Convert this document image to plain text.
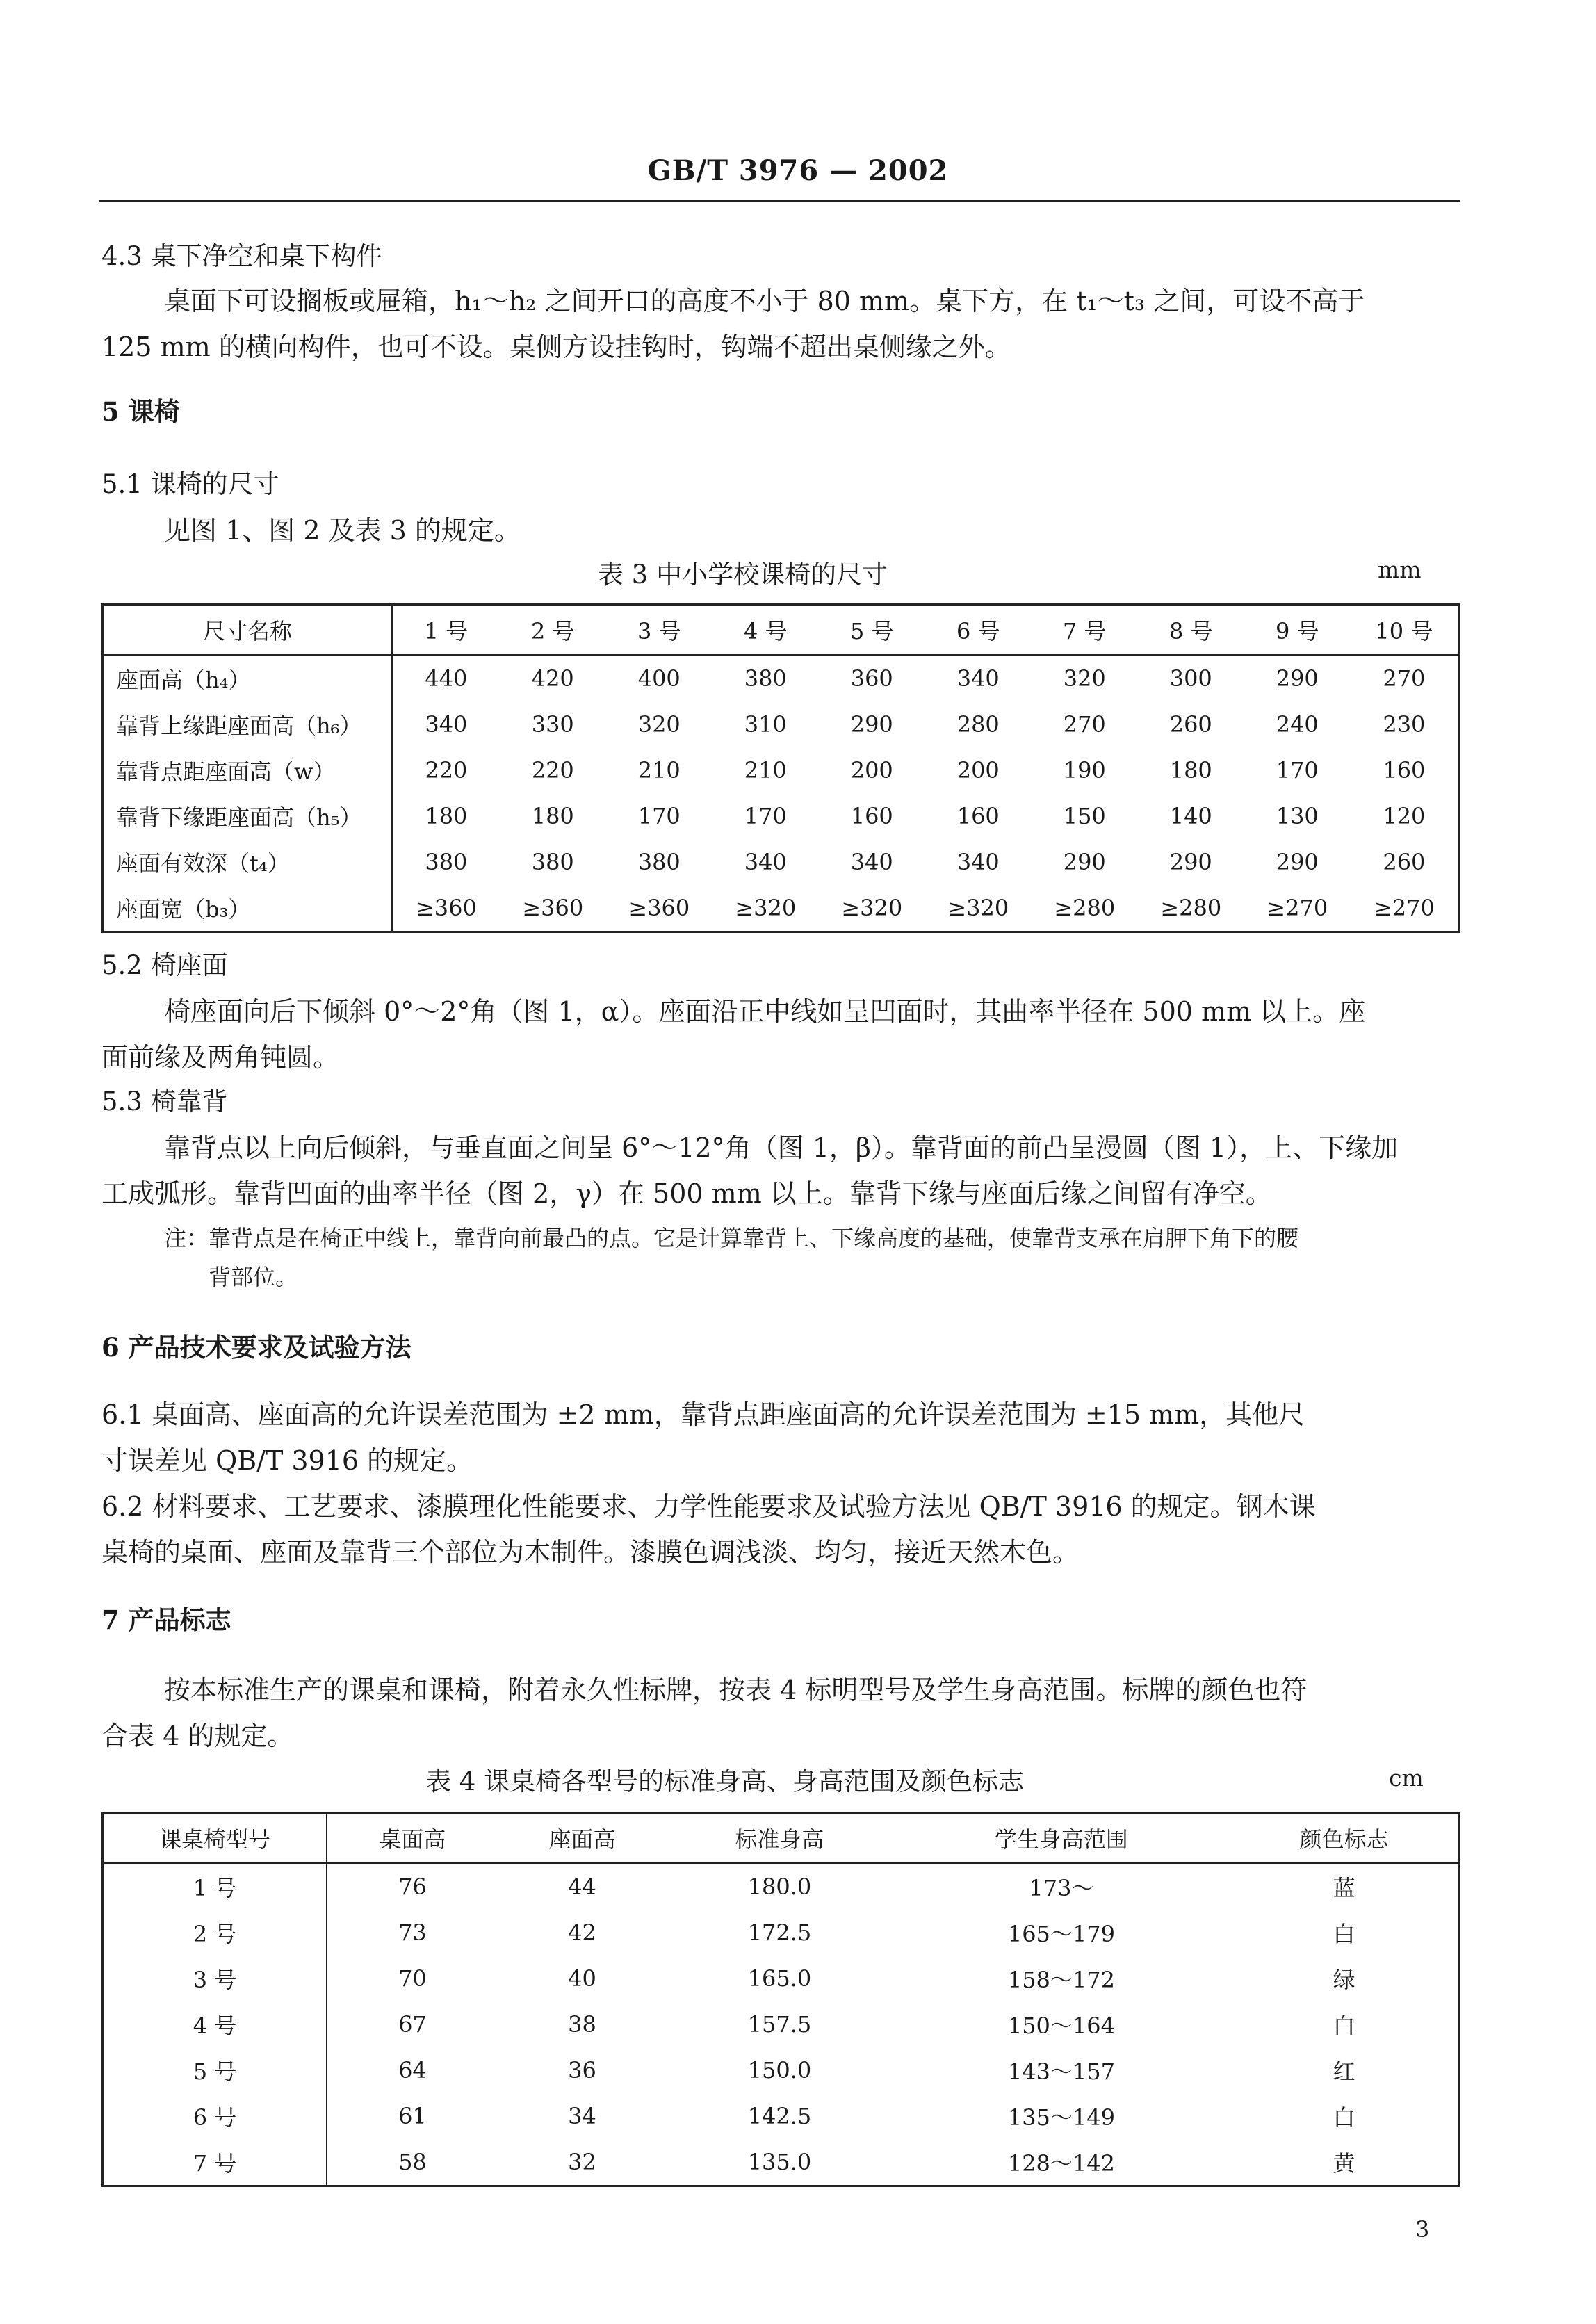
GB/T 3976 — 2002
4.3 桌下净空和桌下构件
桌面下可设搁板或屉箱，h₁～h₂ 之间开口的高度不小于 80 mm。桌下方，在 t₁～t₃ 之间，可设不高于
125 mm 的横向构件，也可不设。桌侧方设挂钩时，钩端不超出桌侧缘之外。
5 课椅
5.1 课椅的尺寸
见图 1、图 2 及表 3 的规定。
表 3 中小学校课椅的尺寸	mm
尺寸名称	1 号	2 号	3 号	4 号	5 号	6 号	7 号	8 号	9 号	10 号
座面高（h₄）	440	420	400	380	360	340	320	300	290	270
靠背上缘距座面高（h₆）	340	330	320	310	290	280	270	260	240	230
靠背点距座面高（w）	220	220	210	210	200	200	190	180	170	160
靠背下缘距座面高（h₅）	180	180	170	170	160	160	150	140	130	120
座面有效深（t₄）	380	380	380	340	340	340	290	290	290	260
座面宽（b₃）	≥360	≥360	≥360	≥320	≥320	≥320	≥280	≥280	≥270	≥270
5.2 椅座面
椅座面向后下倾斜 0°～2°角（图 1，α）。座面沿正中线如呈凹面时，其曲率半径在 500 mm 以上。座
面前缘及两角钝圆。
5.3 椅靠背
靠背点以上向后倾斜，与垂直面之间呈 6°～12°角（图 1，β）。靠背面的前凸呈漫圆（图 1），上、下缘加
工成弧形。靠背凹面的曲率半径（图 2，γ）在 500 mm 以上。靠背下缘与座面后缘之间留有净空。
注：靠背点是在椅正中线上，靠背向前最凸的点。它是计算靠背上、下缘高度的基础，使靠背支承在肩胛下角下的腰
背部位。
6 产品技术要求及试验方法
6.1 桌面高、座面高的允许误差范围为 ±2 mm，靠背点距座面高的允许误差范围为 ±15 mm，其他尺
寸误差见 QB/T 3916 的规定。
6.2 材料要求、工艺要求、漆膜理化性能要求、力学性能要求及试验方法见 QB/T 3916 的规定。钢木课
桌椅的桌面、座面及靠背三个部位为木制件。漆膜色调浅淡、均匀，接近天然木色。
7 产品标志
按本标准生产的课桌和课椅，附着永久性标牌，按表 4 标明型号及学生身高范围。标牌的颜色也符
合表 4 的规定。
表 4 课桌椅各型号的标准身高、身高范围及颜色标志	cm
课桌椅型号	桌面高	座面高	标准身高	学生身高范围	颜色标志
1 号	76	44	180.0	173～	蓝
2 号	73	42	172.5	165～179	白
3 号	70	40	165.0	158～172	绿
4 号	67	38	157.5	150～164	白
5 号	64	36	150.0	143～157	红
6 号	61	34	142.5	135～149	白
7 号	58	32	135.0	128～142	黄
3
